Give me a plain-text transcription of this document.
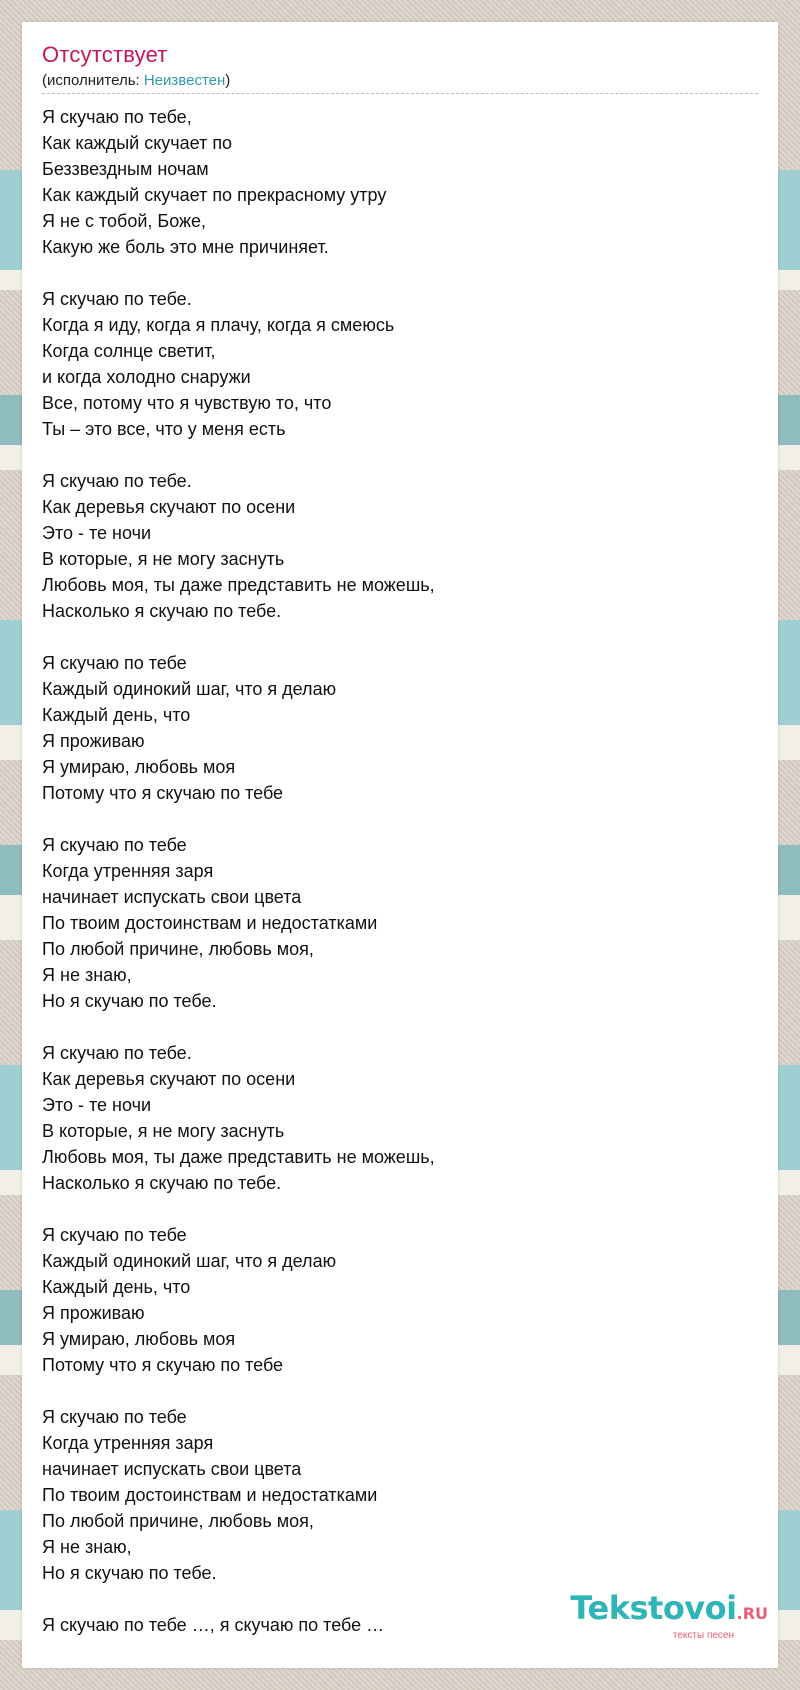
Отсутствует
(исполнитель: Неизвестен)
Я скучаю по тебе,
Как каждый скучает по
Беззвездным ночам
Как каждый скучает по прекрасному утру
Я не с тобой, Боже,
Какую же боль это мне причиняет.
Я скучаю по тебе.
Когда я иду, когда я плачу, когда я смеюсь
Когда солнце светит,
и когда холодно снаружи
Все, потому что я чувствую то, что
Ты – это все, что у меня есть
Я скучаю по тебе.
Как деревья скучают по осени
Это - те ночи
В которые, я не могу заснуть
Любовь моя, ты даже представить не можешь,
Насколько я скучаю по тебе.
Я скучаю по тебе
Каждый одинокий шаг, что я делаю
Каждый день, что
Я проживаю
Я умираю, любовь моя
Потому что я скучаю по тебе
Я скучаю по тебе
Когда утренняя заря
начинает испускать свои цвета
По твоим достоинствам и недостатками
По любой причине, любовь моя,
Я не знаю,
Но я скучаю по тебе.
Я скучаю по тебе.
Как деревья скучают по осени
Это - те ночи
В которые, я не могу заснуть
Любовь моя, ты даже представить не можешь,
Насколько я скучаю по тебе.
Я скучаю по тебе
Каждый одинокий шаг, что я делаю
Каждый день, что
Я проживаю
Я умираю, любовь моя
Потому что я скучаю по тебе
Я скучаю по тебе
Когда утренняя заря
начинает испускать свои цвета
По твоим достоинствам и недостатками
По любой причине, любовь моя,
Я не знаю,
Но я скучаю по тебе.
Я скучаю по тебе …, я скучаю по тебе …	Tekstovoi.RU
тексты песен
